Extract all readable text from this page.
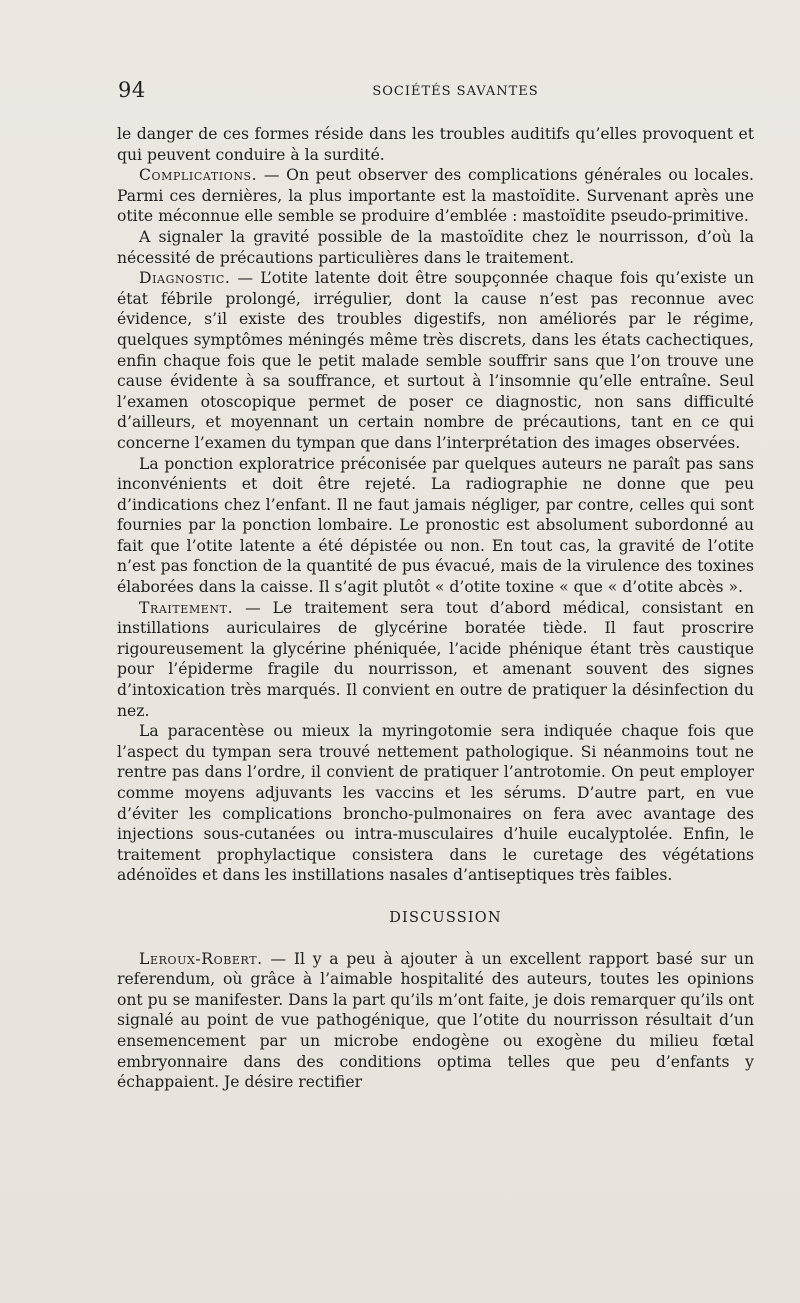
94	SOCIÉTÉS SAVANTES

le danger de ces formes réside dans les troubles auditifs qu’elles provoquent et qui peuvent conduire à la surdité.

Complications. — On peut observer des complications générales ou locales. Parmi ces dernières, la plus importante est la mastoïdite. Survenant après une otite méconnue elle semble se produire d’emblée : mastoïdite pseudo-primitive.

A signaler la gravité possible de la mastoïdite chez le nourrisson, d’où la nécessité de précautions particulières dans le traitement.

Diagnostic. — L’otite latente doit être soupçonnée chaque fois qu’existe un état fébrile prolongé, irrégulier, dont la cause n’est pas reconnue avec évidence, s’il existe des troubles digestifs, non améliorés par le régime, quelques symptômes méningés même très discrets, dans les états cachectiques, enfin chaque fois que le petit malade semble souffrir sans que l’on trouve une cause évidente à sa souffrance, et surtout à l’insomnie qu’elle entraîne. Seul l’examen otoscopique permet de poser ce diagnostic, non sans difficulté d’ailleurs, et moyennant un certain nombre de précautions, tant en ce qui concerne l’examen du tympan que dans l’interprétation des images observées.

La ponction exploratrice préconisée par quelques auteurs ne paraît pas sans inconvénients et doit être rejeté. La radiographie ne donne que peu d’indications chez l’enfant. Il ne faut jamais négliger, par contre, celles qui sont fournies par la ponction lombaire. Le pronostic est absolument subordonné au fait que l’otite latente a été dépistée ou non. En tout cas, la gravité de l’otite n’est pas fonction de la quantité de pus évacué, mais de la virulence des toxines élaborées dans la caisse. Il s’agit plutôt « d’otite toxine « que « d’otite abcès ».

Traitement. — Le traitement sera tout d’abord médical, consistant en instillations auriculaires de glycérine boratée tiède. Il faut proscrire rigoureusement la glycérine phéniquée, l’acide phénique étant très caustique pour l’épiderme fragile du nourrisson, et amenant souvent des signes d’intoxication très marqués. Il convient en outre de pratiquer la désinfection du nez.

La paracentèse ou mieux la myringotomie sera indiquée chaque fois que l’aspect du tympan sera trouvé nettement pathologique. Si néanmoins tout ne rentre pas dans l’ordre, il convient de pratiquer l’antrotomie. On peut employer comme moyens adjuvants les vaccins et les sérums. D’autre part, en vue d’éviter les complications broncho-pulmonaires on fera avec avantage des injections sous-cutanées ou intra-musculaires d’huile eucalyptolée. Enfin, le traitement prophylactique consistera dans le curetage des végétations adénoïdes et dans les instillations nasales d’antiseptiques très faibles.

DISCUSSION

Leroux-Robert. — Il y a peu à ajouter à un excellent rapport basé sur un referendum, où grâce à l’aimable hospitalité des auteurs, toutes les opinions ont pu se manifester. Dans la part qu’ils m’ont faite, je dois remarquer qu’ils ont signalé au point de vue pathogénique, que l’otite du nourrisson résultait d’un ensemencement par un microbe endogène ou exogène du milieu fœtal embryonnaire dans des conditions optima telles que peu d’enfants y échappaient. Je désire rectifier
